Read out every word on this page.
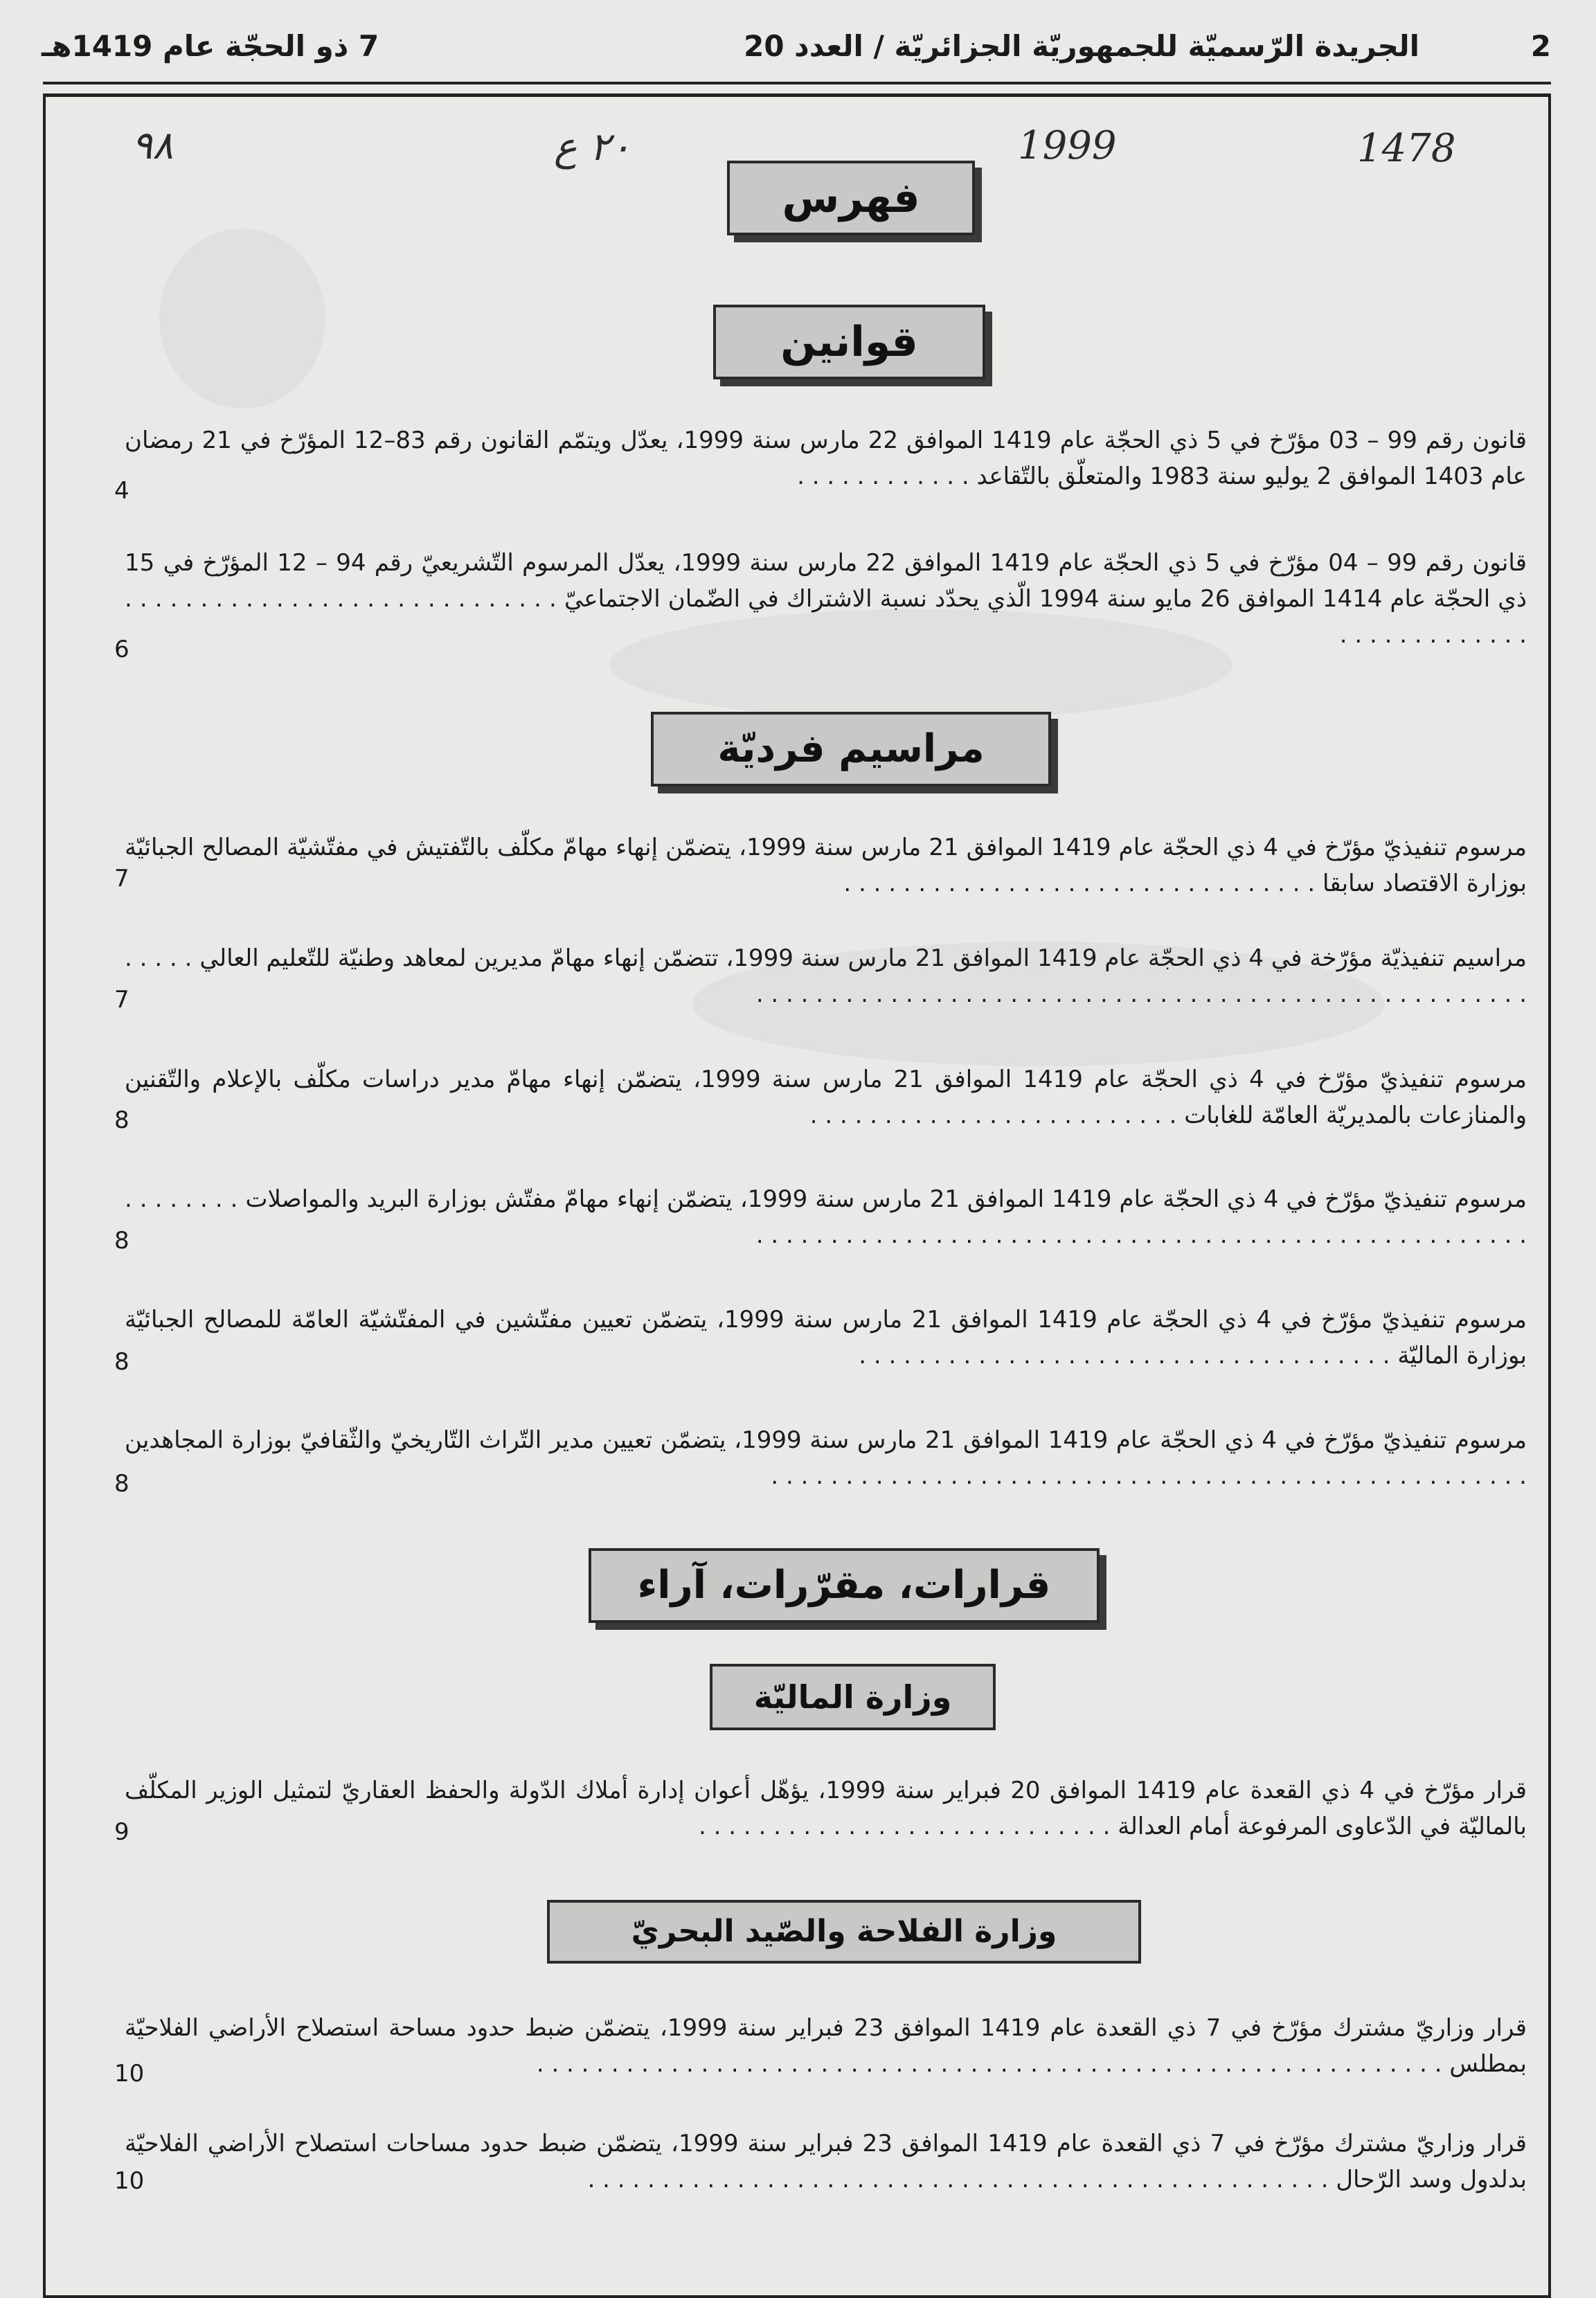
2
الجريدة الرّسميّة للجمهوريّة الجزائريّة / العدد 20
7 ذو الحجّة عام 1419هـ
٩٨	٢٠ ع	1999	1478
فهرس
قوانين
قانون رقم 99 – 03 مؤرّخ في 5 ذي الحجّة عام 1419 الموافق 22 مارس سنة 1999، يعدّل ويتمّم القانون رقم 83–12 المؤرّخ في 21 رمضان عام 1403 الموافق 2 يوليو سنة 1983 والمتعلّق بالتّقاعد . . . . . . . . . . . .
4
قانون رقم 99 – 04 مؤرّخ في 5 ذي الحجّة عام 1419 الموافق 22 مارس سنة 1999، يعدّل المرسوم التّشريعيّ رقم 94 – 12 المؤرّخ في 15 ذي الحجّة عام 1414 الموافق 26 مايو سنة 1994 الّذي يحدّد نسبة الاشتراك في الضّمان الاجتماعيّ . . . . . . . . . . . . . . . . . . . . . . . . . . . . . . . . . . . . . . . . . .
6
مراسيم فرديّة
مرسوم تنفيذيّ مؤرّخ في 4 ذي الحجّة عام 1419 الموافق 21 مارس سنة 1999، يتضمّن إنهاء مهامّ مكلّف بالتّفتيش في مفتّشيّة المصالح الجبائيّة بوزارة الاقتصاد سابقا . . . . . . . . . . . . . . . . . . . . . . . . . . . . . . . .
7
مراسيم تنفيذيّة مؤرّخة في 4 ذي الحجّة عام 1419 الموافق 21 مارس سنة 1999، تتضمّن إنهاء مهامّ مديرين لمعاهد وطنيّة للتّعليم العالي . . . . . . . . . . . . . . . . . . . . . . . . . . . . . . . . . . . . . . . . . . . . . . . . . . . . . . . . .
7
مرسوم تنفيذيّ مؤرّخ في 4 ذي الحجّة عام 1419 الموافق 21 مارس سنة 1999، يتضمّن إنهاء مهامّ مدير دراسات مكلّف بالإعلام والتّقنين والمنازعات بالمديريّة العامّة للغابات . . . . . . . . . . . . . . . . . . . . . . . . .
8
مرسوم تنفيذيّ مؤرّخ في 4 ذي الحجّة عام 1419 الموافق 21 مارس سنة 1999، يتضمّن إنهاء مهامّ مفتّش بوزارة البريد والمواصلات . . . . . . . . . . . . . . . . . . . . . . . . . . . . . . . . . . . . . . . . . . . . . . . . . . . . . . . . . . . .
8
مرسوم تنفيذيّ مؤرّخ في 4 ذي الحجّة عام 1419 الموافق 21 مارس سنة 1999، يتضمّن تعيين مفتّشين في المفتّشيّة العامّة للمصالح الجبائيّة بوزارة الماليّة . . . . . . . . . . . . . . . . . . . . . . . . . . . . . . . . . . . .
8
مرسوم تنفيذيّ مؤرّخ في 4 ذي الحجّة عام 1419 الموافق 21 مارس سنة 1999، يتضمّن تعيين مدير التّراث التّاريخيّ والثّقافيّ بوزارة المجاهدين . . . . . . . . . . . . . . . . . . . . . . . . . . . . . . . . . . . . . . . . . . . . . . . . . . .
8
قرارات، مقرّرات، آراء
وزارة الماليّة
قرار مؤرّخ في 4 ذي القعدة عام 1419 الموافق 20 فبراير سنة 1999، يؤهّل أعوان إدارة أملاك الدّولة والحفظ العقاريّ لتمثيل الوزير المكلّف بالماليّة في الدّعاوى المرفوعة أمام العدالة . . . . . . . . . . . . . . . . . . . . . . . . . . . .
9
وزارة الفلاحة والصّيد البحريّ
قرار وزاريّ مشترك مؤرّخ في 7 ذي القعدة عام 1419 الموافق 23 فبراير سنة 1999، يتضمّن ضبط حدود مساحة استصلاح الأراضي الفلاحيّة بمطلس . . . . . . . . . . . . . . . . . . . . . . . . . . . . . . . . . . . . . . . . . . . . . . . . . . . . . . . . . . . . .
10
قرار وزاريّ مشترك مؤرّخ في 7 ذي القعدة عام 1419 الموافق 23 فبراير سنة 1999، يتضمّن ضبط حدود مساحات استصلاح الأراضي الفلاحيّة بدلدول وسد الرّحال . . . . . . . . . . . . . . . . . . . . . . . . . . . . . . . . . . . . . . . . . . . . . . . . . .
10
